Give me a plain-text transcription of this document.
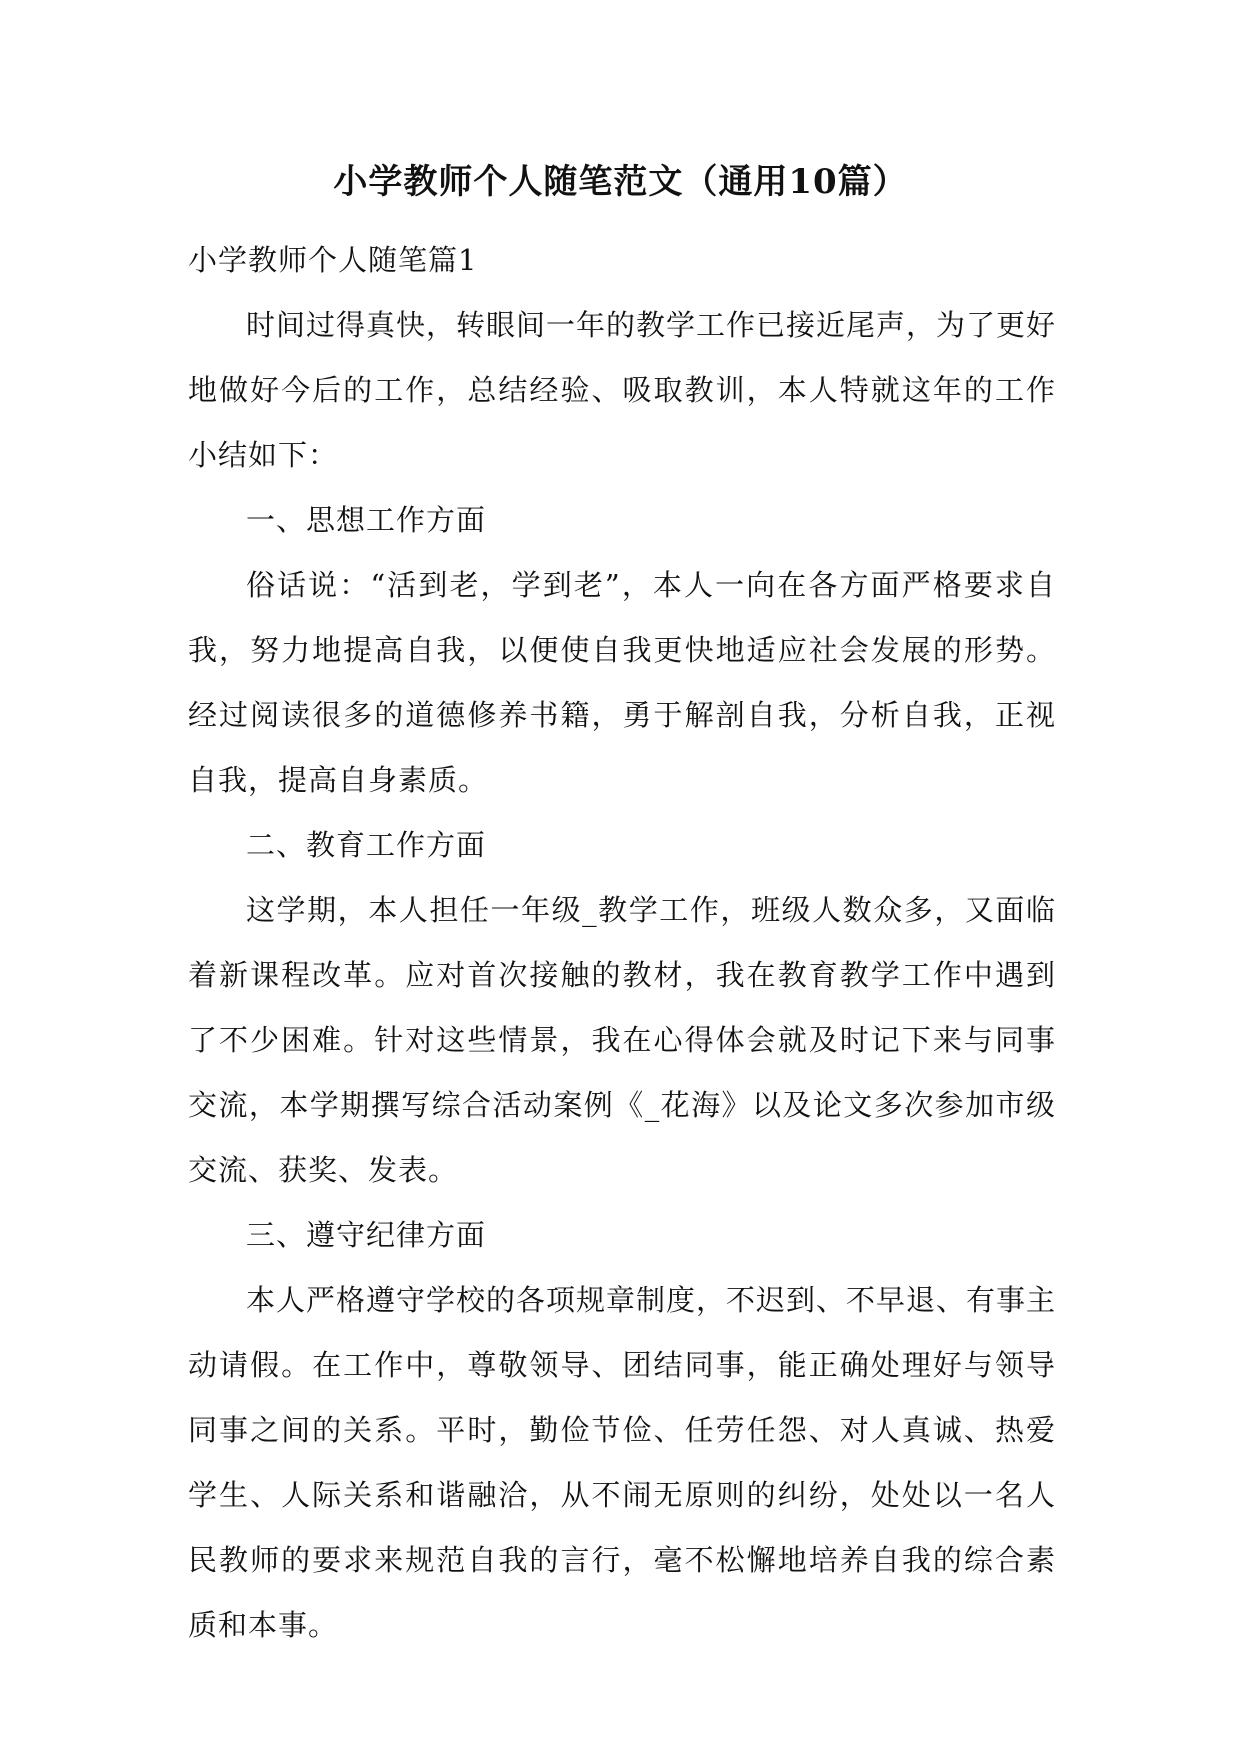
小学教师个人随笔范文（通用10篇）

小学教师个人随笔篇1

时间过得真快，转眼间一年的教学工作已接近尾声，为了更好地做好今后的工作，总结经验、吸取教训，本人特就这年的工作小结如下：

一、思想工作方面

俗话说：“活到老，学到老”，本人一向在各方面严格要求自我，努力地提高自我，以便使自我更快地适应社会发展的形势。经过阅读很多的道德修养书籍，勇于解剖自我，分析自我，正视自我，提高自身素质。

二、教育工作方面

这学期，本人担任一年级_教学工作，班级人数众多，又面临着新课程改革。应对首次接触的教材，我在教育教学工作中遇到了不少困难。针对这些情景，我在心得体会就及时记下来与同事交流，本学期撰写综合活动案例《_花海》以及论文多次参加市级交流、获奖、发表。

三、遵守纪律方面

本人严格遵守学校的各项规章制度，不迟到、不早退、有事主动请假。在工作中，尊敬领导、团结同事，能正确处理好与领导同事之间的关系。平时，勤俭节俭、任劳任怨、对人真诚、热爱学生、人际关系和谐融洽，从不闹无原则的纠纷，处处以一名人民教师的要求来规范自我的言行，毫不松懈地培养自我的综合素质和本事。
